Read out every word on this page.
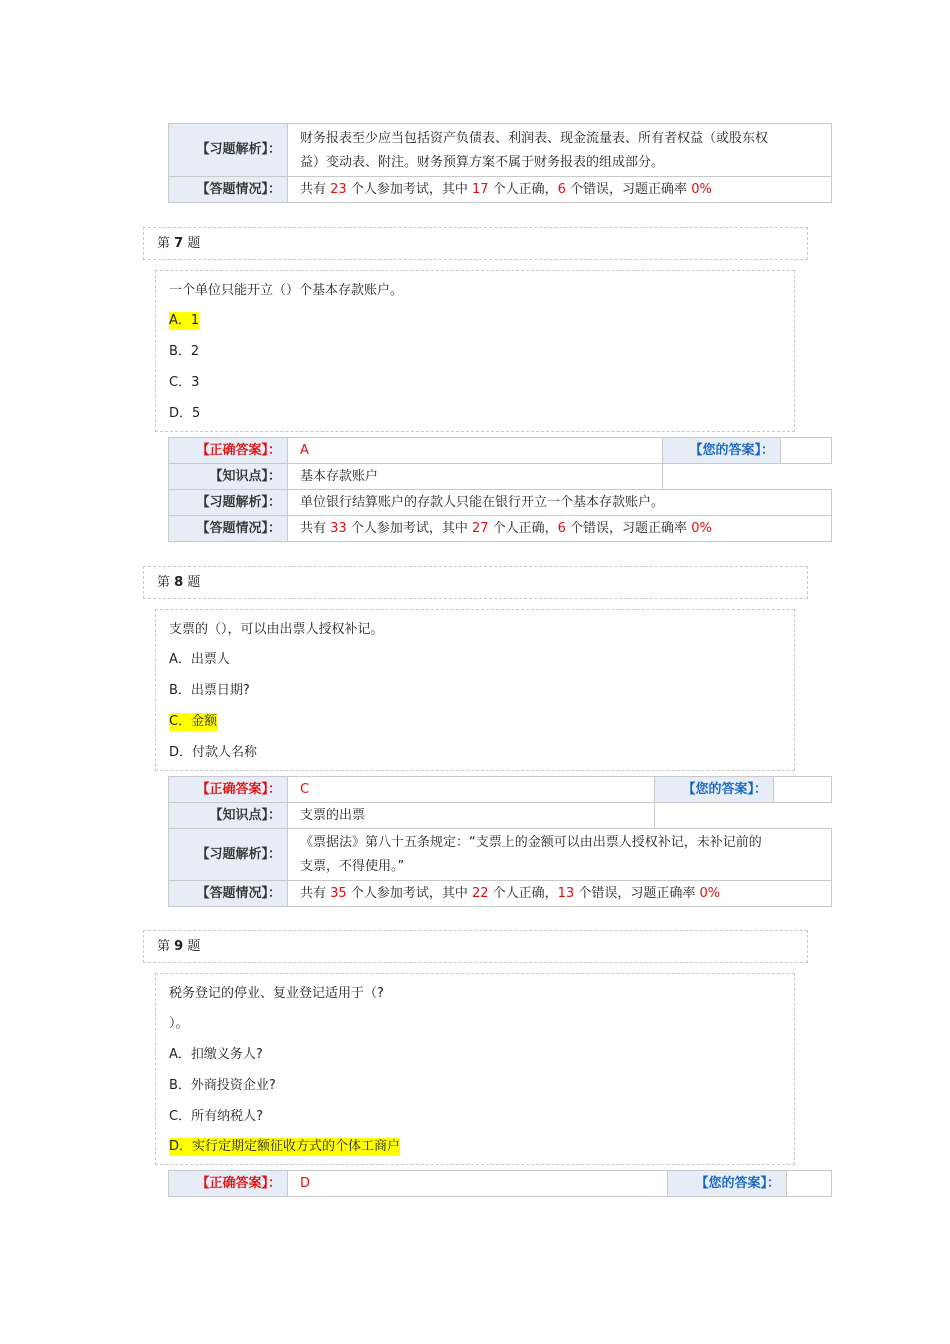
【习题解析】：	财务报表至少应当包括资产负债表、利润表、现金流量表、所有者权益（或股东权
益）变动表、附注。财务预算方案不属于财务报表的组成部分。

【答题情况】：	共有 23 个人参加考试，其中 17 个人正确，6 个错误，习题正确率 0%
第 7 题
一个单位只能开立（）个基本存款账户。
A．1
B．2
C．3
D．5
【正确答案】：	A	【您的答案】：	
【知识点】：	基本存款账户		
【习题解析】：	单位银行结算账户的存款人只能在银行开立一个基本存款账户。		
【答题情况】：	共有 33 个人参加考试，其中 27 个人正确，6 个错误，习题正确率 0%		
第 8 题
支票的（），可以由出票人授权补记。
A．出票人
B．出票日期?
C．金额
D．付款人名称
【正确答案】：	C	【您的答案】：	
【知识点】：	支票的出票		
【习题解析】：	《票据法》第八十五条规定：“支票上的金额可以由出票人授权补记，未补记前的
支票，不得使用。”		

【答题情况】：	共有 35 个人参加考试，其中 22 个人正确，13 个错误，习题正确率 0%		
第 9 题
税务登记的停业、复业登记适用于（?
）。
A．扣缴义务人?
B．外商投资企业?
C．所有纳税人?
D．实行定期定额征收方式的个体工商户
【正确答案】：	D	【您的答案】：	
